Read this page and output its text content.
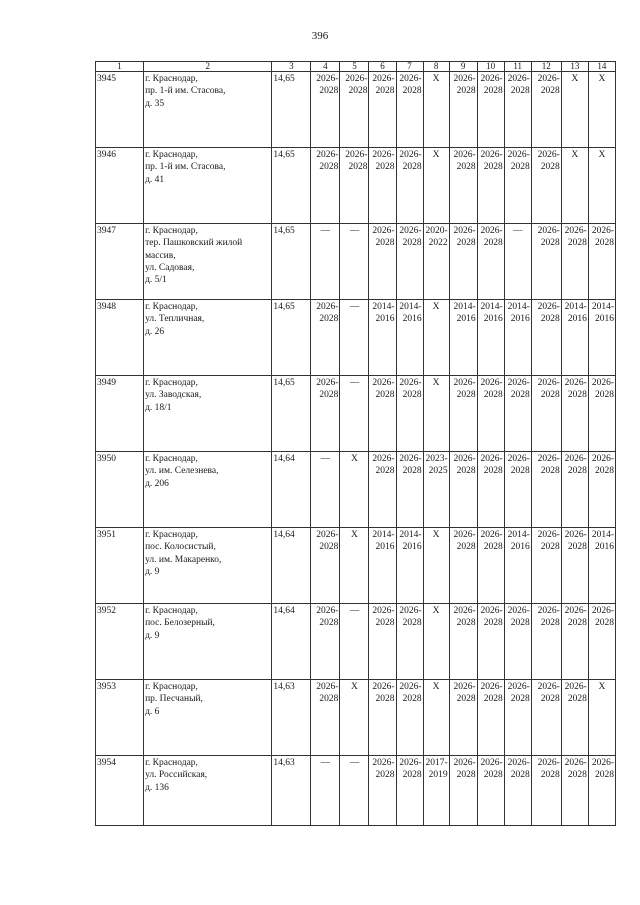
396
1	2	3	4	5	6	7	8	9	10	11	12	13	14
3945	г. Краснодар,
пр. 1-й им. Стасова,
д. 35	14,65	2026-2028	2026-2028	2026-2028	2026-2028	X	2026-2028	2026-2028	2026-2028	2026-2028	X	X
3946	г. Краснодар,
пр. 1-й им. Стасова,
д. 41	14,65	2026-2028	2026-2028	2026-2028	2026-2028	X	2026-2028	2026-2028	2026-2028	2026-2028	X	X
3947	г. Краснодар,
тер. Пашковский жилой
массив,
ул. Садовая,
д. 5/1	14,65	—	—	2026-2028	2026-2028	2020-2022	2026-2028	2026-2028	—	2026-2028	2026-2028	2026-2028
3948	г. Краснодар,
ул. Тепличная,
д. 26	14,65	2026-2028	—	2014-2016	2014-2016	X	2014-2016	2014-2016	2014-2016	2026-2028	2014-2016	2014-2016
3949	г. Краснодар,
ул. Заводская,
д. 18/1	14,65	2026-2028	—	2026-2028	2026-2028	X	2026-2028	2026-2028	2026-2028	2026-2028	2026-2028	2026-2028
3950	г. Краснодар,
ул. им. Селезнева,
д. 206	14,64	—	X	2026-2028	2026-2028	2023-2025	2026-2028	2026-2028	2026-2028	2026-2028	2026-2028	2026-2028
3951	г. Краснодар,
пос. Колосистый,
ул. им. Макаренко,
д. 9	14,64	2026-2028	X	2014-2016	2014-2016	X	2026-2028	2026-2028	2014-2016	2026-2028	2026-2028	2014-2016
3952	г. Краснодар,
пос. Белозерный,
д. 9	14,64	2026-2028	—	2026-2028	2026-2028	X	2026-2028	2026-2028	2026-2028	2026-2028	2026-2028	2026-2028
3953	г. Краснодар,
пр. Песчаный,
д. 6	14,63	2026-2028	X	2026-2028	2026-2028	X	2026-2028	2026-2028	2026-2028	2026-2028	2026-2028	X
3954	г. Краснодар,
ул. Российская,
д. 136	14,63	—	—	2026-2028	2026-2028	2017-2019	2026-2028	2026-2028	2026-2028	2026-2028	2026-2028	2026-2028
